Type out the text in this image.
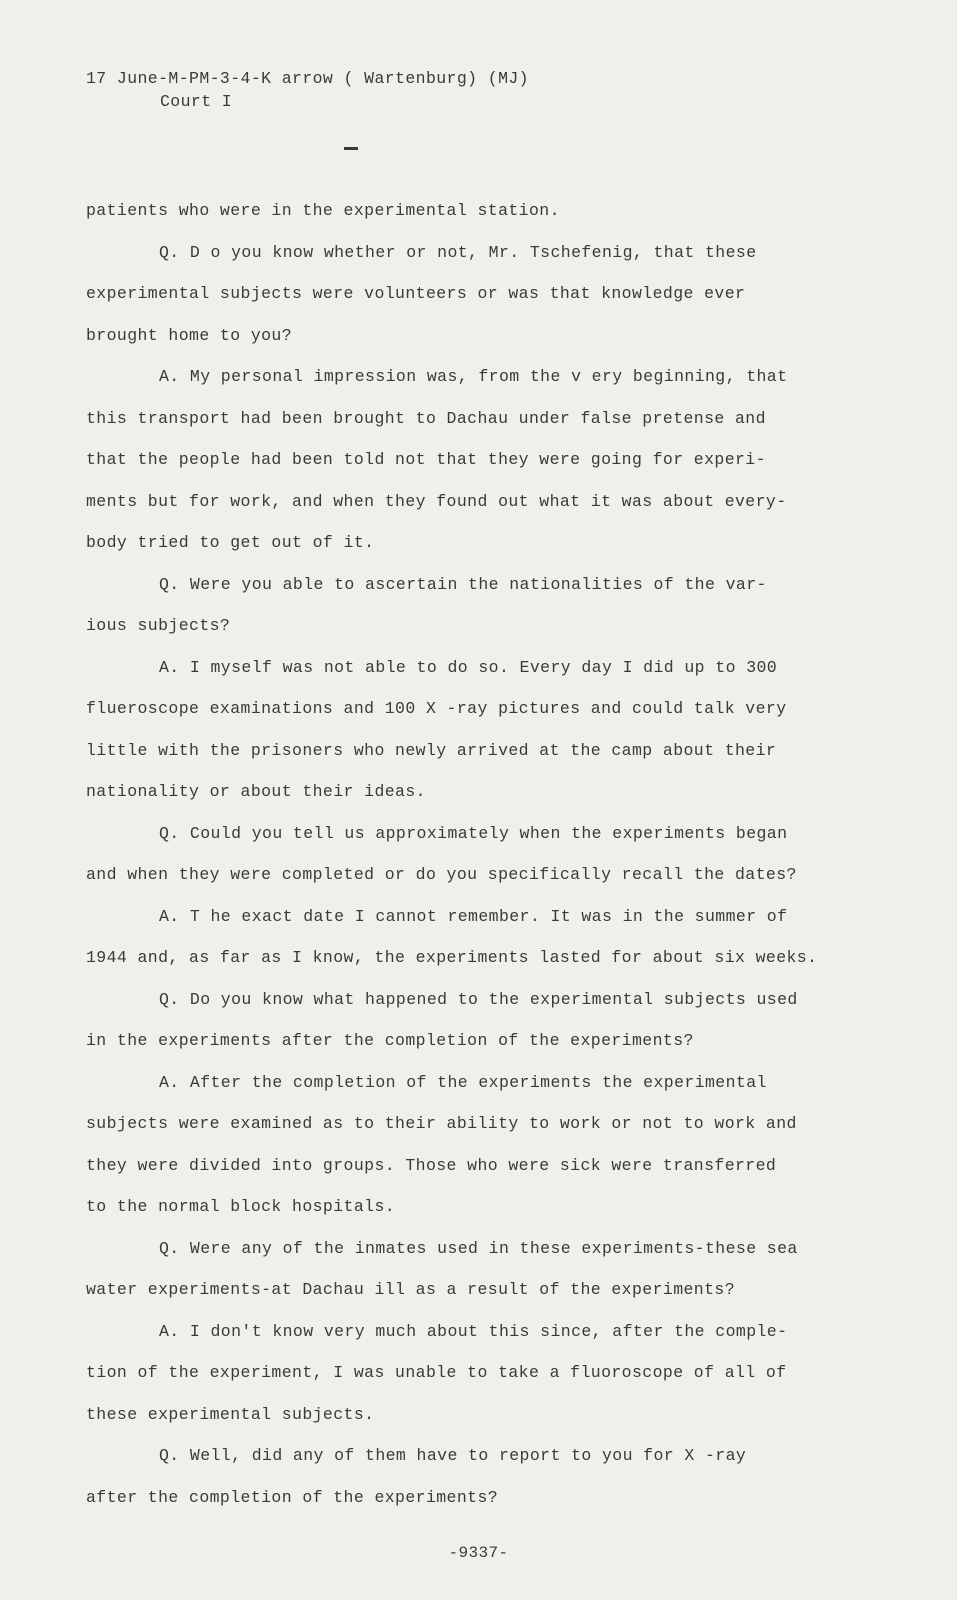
17 June-M-PM-3-4-K arrow ( Wartenburg) (MJ)
Court I

patients who were in the experimental station.

Q. D o you know whether or not, Mr. Tschefenig, that these

experimental subjects were volunteers or was that knowledge ever

brought home to you?

A. My personal impression was, from the v ery beginning, that

this transport had been brought to Dachau under false pretense and

that the people had been told not that they were going for experi-

ments but for work, and when they found out what it was about every-

body tried to get out of it.

Q. Were you able to ascertain the nationalities of the var-

ious subjects?

A. I myself was not able to do so. Every day I did up to 300

flueroscope examinations and 100 X -ray pictures and could talk very

little with the prisoners who newly arrived at the camp about their

nationality or about their ideas.

Q. Could you tell us approximately when the experiments began

and when they were completed or do you specifically recall the dates?

A. T he exact date I cannot remember. It was in the summer of

1944 and, as far as I know, the experiments lasted for about six weeks.

Q. Do you know what happened to the experimental subjects used

in the experiments after the completion of the experiments?

A. After the completion of the experiments the experimental

subjects were examined as to their ability to work or not to work and

they were divided into groups. Those who were sick were transferred

to the normal block hospitals.

Q. Were any of the inmates used in these experiments-these sea

water experiments-at Dachau ill as a result of the experiments?

A. I don't know very much about this since, after the comple-

tion of the experiment, I was unable to take a fluoroscope of all of

these experimental subjects.

Q. Well, did any of them have to report to you for X -ray

after the completion of the experiments?

-9337-
